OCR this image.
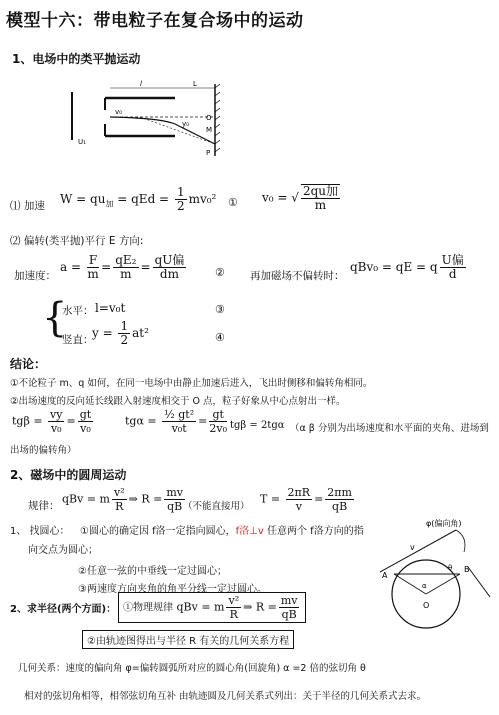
模型十六：带电粒子在复合场中的运动
1、电场中的类平抛运动
l	L
v₀
y₀
U₁
O
M
P
⑴ 加速 $W = qu_加$ = qEd = $\frac{1}{2} mv_0^2$ ① v₀ = √ $\frac{\text{2qu加}}{m}$
⑵ 偏转(类平抛)平行 E 方向:
加速度：
$a = \frac{F}{m} = \frac{\text{qE₂}}{m} = \frac{\text{qU偏}}{dm}$	② 再加磁场不偏转时：
qBv₀ = qE = q $\frac{\text{U偏}}{d}$
{
水平： l=v₀t	③
竖直：
$y = \frac{1}{2} at^2$	④
结论：
①不论粒子 m、q 如何，在同一电场中由静止加速后进入，飞出时侧移和偏转角相同。
②出场速度的反向延长线跟入射速度相交于 O 点，粒子好象从中心点射出一样。
$tg\beta = \frac{vy}{\text{v₀}} = \frac{gt}{\text{v₀}}$	$tg\alpha = \frac{\text{½ gt²}}{\text{v₀t}} = \frac{gt}{\text{2v₀}}$ tgβ = 2tgα （α β 分别为出场速度和水平面的夹角、进场到
出场的偏转角）
2、磁场中的圆周运动
规律：
qBv = m $\frac{\text{v²}}{R}$ ⇒ $R = \frac{mv}{qB}$
（不能直接用）
$T = \frac{2\pi R}{v} = \frac{2\pi m}{qB}$
1、 找圆心： ①圆心的确定因 f洛一定指向圆心，f洛⊥v 任意两个 f洛方向的指
向交点为圆心；
②任意一弦的中垂线一定过圆心；
③两速度方向夹角的角平分线一定过圆心。
φ(偏向角)
A
B
O
v
θ
α
2、求半径(两个方面)： ①物理规律 qBv = m $\frac{\text{v²}}{R}$ ⇒ $R = \frac{mv}{qB}$
②由轨迹图得出与半径 R 有关的几何关系方程
几何关系：速度的偏向角 φ=偏转圆弧所对应的圆心角(回旋角) α =2 倍的弦切角 θ
相对的弦切角相等，相邻弦切角互补 由轨迹圆及几何关系式列出：关于半径的几何关系式去求。
